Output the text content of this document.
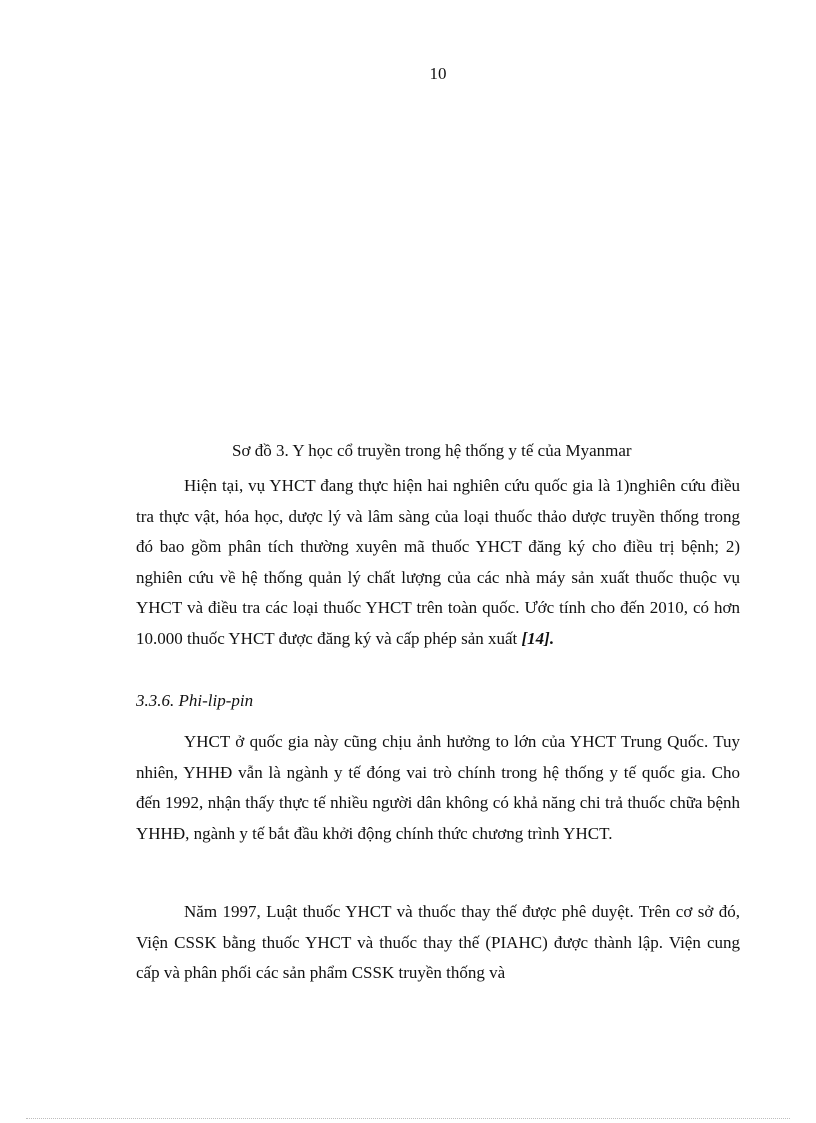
10
Sơ đồ 3. Y học cổ truyền trong hệ thống y tế của Myanmar

Hiện tại, vụ YHCT đang thực hiện hai nghiên cứu quốc gia là 1)nghiên cứu điều tra thực vật, hóa học, dược lý và lâm sàng của loại thuốc thảo dược truyền thống trong đó bao gồm phân tích thường xuyên mã thuốc YHCT đăng ký cho điều trị bệnh; 2) nghiên cứu về hệ thống quản lý chất lượng của các nhà máy sản xuất thuốc thuộc vụ YHCT và điều tra các loại thuốc YHCT trên toàn quốc. Ước tính cho đến 2010, có hơn 10.000 thuốc YHCT được đăng ký và cấp phép sản xuất [14].

3.3.6. Phi-lip-pin

YHCT ở quốc gia này cũng chịu ảnh hưởng to lớn của YHCT Trung Quốc. Tuy nhiên, YHHĐ vẫn là ngành y tế đóng vai trò chính trong hệ thống y tế quốc gia. Cho đến 1992, nhận thấy thực tế nhiều người dân không có khả năng chi trả thuốc chữa bệnh YHHĐ, ngành y tế bắt đầu khởi động chính thức chương trình YHCT.

Năm 1997, Luật thuốc YHCT và thuốc thay thế được phê duyệt. Trên cơ sở đó, Viện CSSK bằng thuốc YHCT và thuốc thay thế (PIAHC) được thành lập. Viện cung cấp và phân phối các sản phẩm CSSK truyền thống và
